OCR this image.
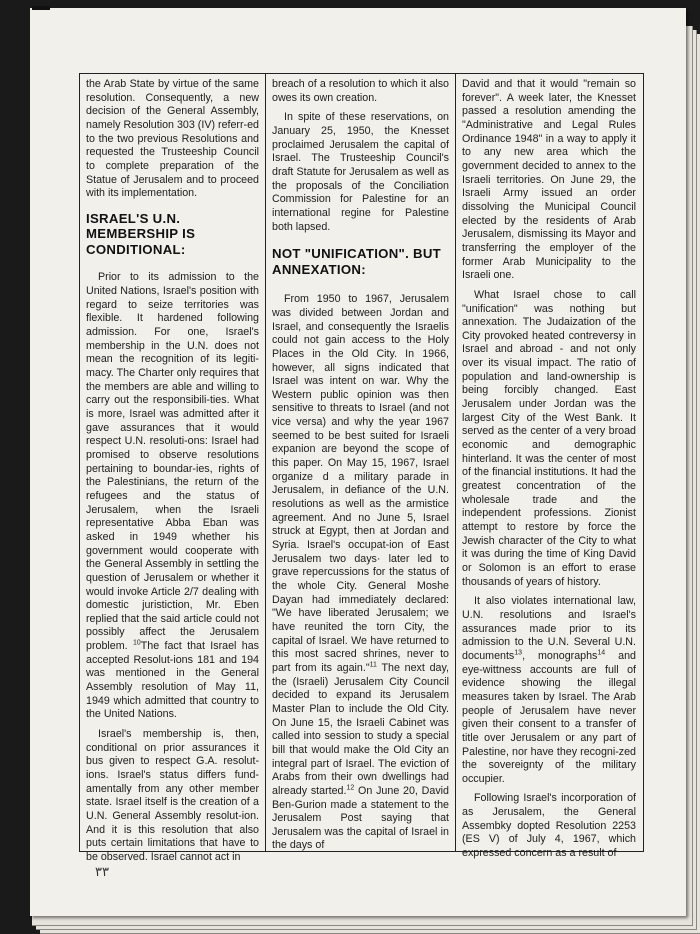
the Arab State by virtue of the same resolution. Consequently, a new decision of the General Assembly, namely Resolution 303 (IV) referr-ed to the two previous Resolutions and requested the Trusteeship Council to complete preparation of the Statue of Jerusalem and to proceed with its implementation.

ISRAEL'S U.N. MEMBERSHIP IS CONDITIONAL:

Prior to its admission to the United Nations, Israel's position with regard to seize territories was flexible. It hardened following admission. For one, Israel's membership in the U.N. does not mean the recognition of its legiti-macy. The Charter only requires that the members are able and willing to carry out the responsibili-ties. What is more, Israel was admitted after it gave assurances that it would respect U.N. resoluti-ons: Israel had promised to observe resolutions pertaining to boundar-ies, rights of the Palestinians, the return of the refugees and the status of Jerusalem, when the Israeli representative Abba Eban was asked in 1949 whether his government would cooperate with the General Assembly in settling the question of Jerusalem or whether it would invoke Article 2/7 dealing with domestic juristiction, Mr. Eben replied that the said article could not possibly affect the Jerusalem problem. $^{10}$The fact that Israel has accepted Resolut-ions 181 and 194 was mentioned in the General Assembly resolution of May 11, 1949 which admitted that country to the United Nations.

Israel's membership is, then, conditional on prior assurances it bus given to respect G.A. resolut-ions. Israel's status differs fund-amentally from any other member state. Israel itself is the creation of a U.N. General Assembly resolut-ion. And it is this resolution that also puts certain limitations that have to be observed. Israel cannot act in

breach of a resolution to which it also owes its own creation.

In spite of these reservations, on January 25, 1950, the Knesset proclaimed Jerusalem the capital of Israel. The Trusteeship Council's draft Statute for Jerusalem as well as the proposals of the Conciliation Commission for Palestine for an international regine for Palestine both lapsed.

NOT "UNIFICATION". BUT ANNEXATION:

From 1950 to 1967, Jerusalem was divided between Jordan and Israel, and consequently the Israelis could not gain access to the Holy Places in the Old City. In 1966, however, all signs indicated that Israel was intent on war. Why the Western public opinion was then sensitive to threats to Israel (and not vice versa) and why the year 1967 seemed to be best suited for Israeli expanion are beyond the scope of this paper. On May 15, 1967, Israel organize d a military parade in Jerusalem, in defiance of the U.N. resolutions as well as the armistice agreement. And no June 5, Israel struck at Egypt, then at Jordan and Syria. Israel's occupat-ion of East Jerusalem two days· later led to grave repercussions for the status of the whole City. General Moshe Dayan had immediately declared: "We have liberated Jerusalem; we have reunited the torn City, the capital of Israel. We have returned to this most sacred shrines, never to part from its again."$^{11}$ The next day, the (Israeli) Jerusalem City Council decided to expand its Jerusalem Master Plan to include the Old City. On June 15, the Israeli Cabinet was called into session to study a special bill that would make the Old City an integral part of Israel. The eviction of Arabs from their own dwellings had already started.$^{12}$ On June 20, David Ben-Gurion made a statement to the Jerusalem Post saying that Jerusalem was the capital of Israel in the days of

David and that it would "remain so forever". A week later, the Knesset passed a resolution amending the "Administrative and Legal Rules Ordinance 1948" in a way to apply it to any new area which the government decided to annex to the Israeli territories. On June 29, the Israeli Army issued an order dissolving the Municipal Council elected by the residents of Arab Jerusalem, dismissing its Mayor and transferring the employer of the former Arab Municipality to the Israeli one.

What Israel chose to call "unification" was nothing but annexation. The Judaization of the City provoked heated contreversy in Israel and abroad - and not only over its visual impact. The ratio of population and land-ownership is being forcibly changed. East Jerusalem under Jordan was the largest City of the West Bank. It served as the center of a very broad economic and demographic hinterland. It was the center of most of the financial institutions. It had the greatest concentration of the wholesale trade and the independent professions. Zionist attempt to restore by force the Jewish character of the City to what it was during the time of King David or Solomon is an effort to erase thousands of years of history.

It also violates international law, U.N. resolutions and Israel's assurances made prior to its admission to the U.N. Several U.N. documents$^{13}$, monographs$^{14}$ and eye-wittness accounts are full of evidence showing the illegal measures taken by Israel. The Arab people of Jerusalem have never given their consent to a transfer of title over Jerusalem or any part of Palestine, nor have they recogni-zed the sovereignty of the military occupier.

Following Israel's incorporation of as Jerusalem, the General Assembky dopted Resolution 2253 (ES V) of July 4, 1967, which expressed concern as a result of

٣٣
